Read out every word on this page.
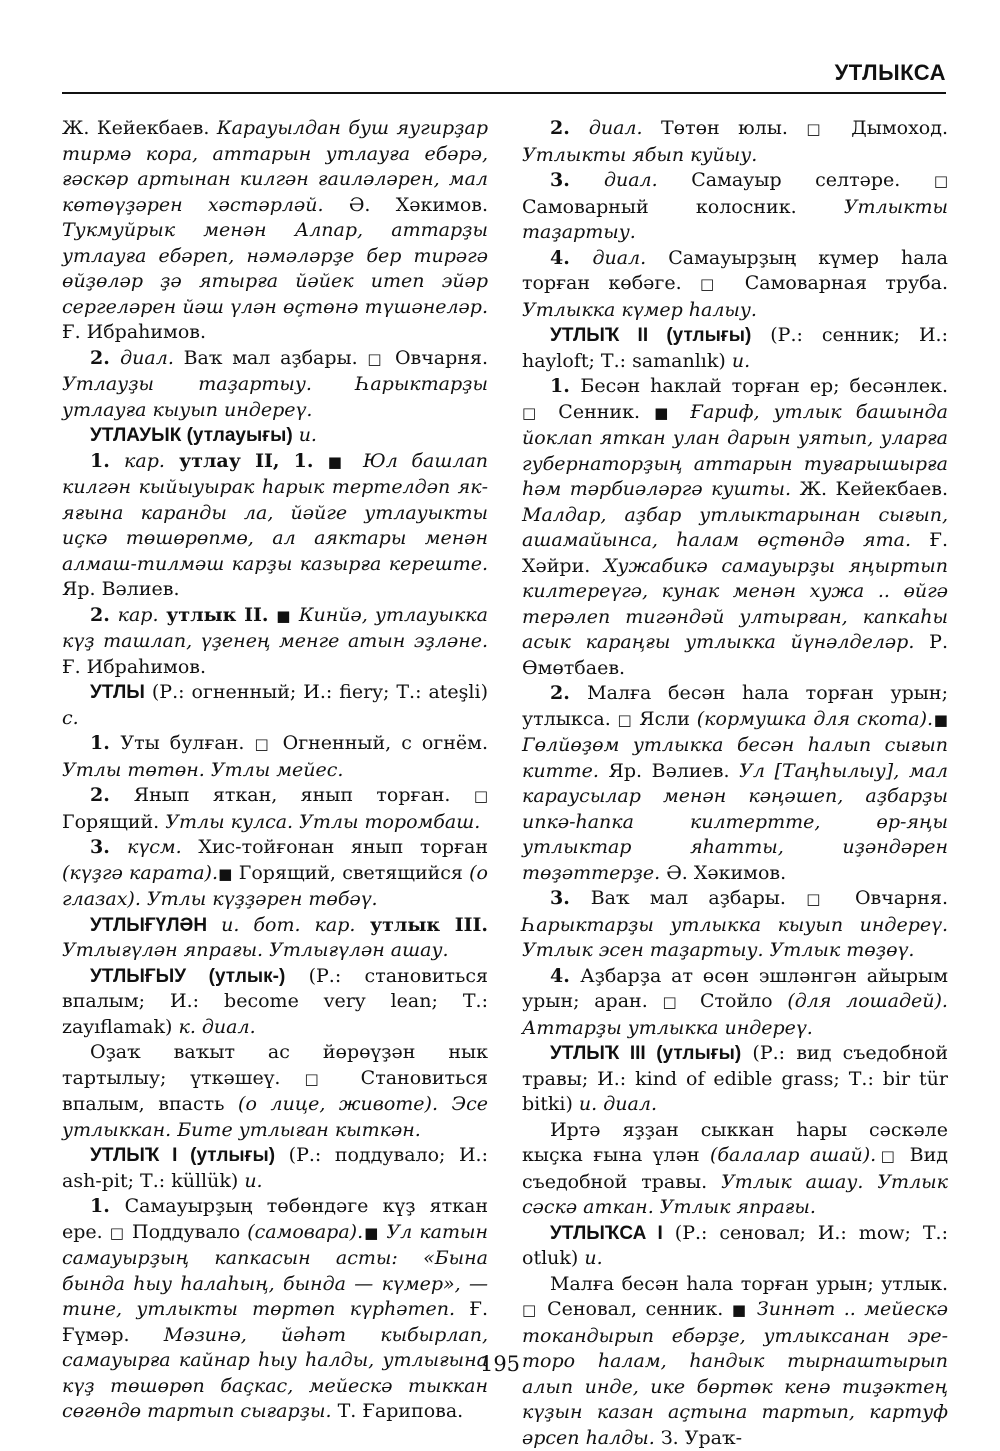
УТЛЫКСА

Ж. Кейекбаев. Карауылдан буш яугирҙар тирмә кора, аттарын утлауға ебәрә, ғәскәр артынан килгән ғаиләләрен, мал көтөүҙәрен хәстәрләй. Ә. Хәкимов. Тукмуйрык менән Алпар, аттарҙы утлауға ебәреп, нәмәләрҙе бер тирәгә өйҙөләр ҙә ятырға йәйек итеп эйәр сергеләрен йәш үлән өҫтөнә түшәнеләр. Ғ. Ибраһимов.

2. диал. Ваҡ мал аҙбары. □ Овчарня. Утлауҙы таҙартыу. Һарыктарҙы утлауға кыуып индереү.

УТЛАУЫК (утлауығы) и.

1. кар. утлау II, 1. ■ Юл башлап килгән кыйыуырак һарык тертелдәп як-яғына каранды ла, йәйге утлауыкты иҫкә төшөрөпмө, ал аяктары менән алмаш-тилмәш карҙы казырға кереште. Яр. Вәлиев.

2. кар. утлык II. ■ Кинйә, утлауыкка күҙ ташлап, үҙенең менге атын эҙләне. Ғ. Ибраһимов.

УТЛЫ (Р.: огненный; И.: fiery; Т.: ateşli) с.

1. Уты булған. □ Огненный, с огнём. Утлы төтөн. Утлы мейес.

2. Янып яткан, янып торған. □ Горящий. Утлы кулса. Утлы торомбаш.

3. күсм. Хис-тойғонан янып торған (күҙгә карата).■ Горящий, светящийся (о глазах). Утлы күҙҙәрен төбәү.

УТЛЫҒҮЛӘН и. бот. кар. утлык III. Утлығүлән япрағы. Утлығүлән ашау.

УТЛЫҒЫУ (утлык-) (Р.: становиться впалым; И.: become very lean; Т.: zayıflamak) к. диал.

Оҙаҡ ваҡыт ас йөрөүҙән нык тартылыу; үткәшеү. □ Становиться впалым, впасть (о лице, животе). Эсе утлыккан. Бите утлыған кыткән.

УТЛЫҠ I (утлығы) (Р.: поддувало; И.: ash-pit; Т.: küllük) и.

1. Самауырҙың төбөндәге күҙ яткан ере. □ Поддувало (самовара).■ Ул катын самауырҙың капкасын асты: «Бына бында һыу һалаһың, бында — күмер», — тине, утлыкты төртөп күрһәтеп. Ғ. Ғүмәр. Мәзинә, йәһәт кыбырлап, самауырға кайнар һыу һалды, утлығына күҙ төшөрөп баҫкас, мейескә тыккан сөгөндө тартып сығарҙы. Т. Ғарипова.

2. диал. Төтөн юлы. □ Дымоход. Утлыкты ябып куйыу.

3. диал. Самауыр селтәре. □ Самоварный колосник. Утлыкты таҙартыу.

4. диал. Самауырҙың күмер һала торған көбәге. □ Самоварная труба. Утлыкка күмер һалыу.

УТЛЫҠ II (утлығы) (Р.: сенник; И.: hayloft; Т.: samanlık) и.

1. Бесән һаклай торған ер; бесәнлек. □ Сенник. ■ Ғариф, утлык башында йоклап яткан улан дарын уятып, уларға губернаторҙың аттарын туғарышырға һәм тәрбиәләргә кушты. Ж. Кейекбаев. Малдар, аҙбар утлыктарынан сығып, ашамайынса, һалам өҫтөндә ята. Ғ. Хәйри. Хужабикә самауырҙы яңыртып килтереүгә, кунак менән хужа .. өйгә терәлеп тигәндәй ултырған, капкаһы асык караңғы утлыкка йүнәлделәр. Р. Өмөтбаев.

2. Малға бесән һала торған урын; утлыкса. □ Ясли (кормушка для скота).■ Гөлйөҙөм утлыкка бесән һалып сығып китте. Яр. Вәлиев. Ул [Таңһылыу], мал караусылар менән кәңәшеп, аҙбарҙы ипкә-һапка килтертте, өр-яңы утлыктар яһатты, иҙәндәрен төҙәттерҙе. Ә. Хәкимов.

3. Ваҡ мал аҙбары. □ Овчарня. Һарыктарҙы утлыкка кыуып индереү. Утлык эсен таҙартыу. Утлык төҙөү.

4. Аҙбарҙа ат өсөн эшләнгән айырым урын; аран. □ Стойло (для лошадей). Аттарҙы утлыкка индереү.

УТЛЫҠ III (утлығы) (Р.: вид съедобной травы; И.: kind of edible grass; Т.: bir tür bitki) и. диал.

Иртә яҙҙан сыккан һары сәскәле кыҫка ғына үлән (балалар ашай).□ Вид съедобной травы. Утлык ашау. Утлык сәскә аткан. Утлык япрағы.

УТЛЫҠСА I (Р.: сеновал; И.: mow; Т.: otluk) и.

Малға бесән һала торған урын; утлык. □ Сеновал, сенник. ■ Зиннәт .. мейескә токандырып ебәрҙе, утлыксанан эре-тоpо һалам, һандык тырнаштырып алып инде, ике бөртөк кенә тиҙәктең күҙын казан аҫтына тартып, картуф әрсеп һалды. З. Ураҡ-

195
